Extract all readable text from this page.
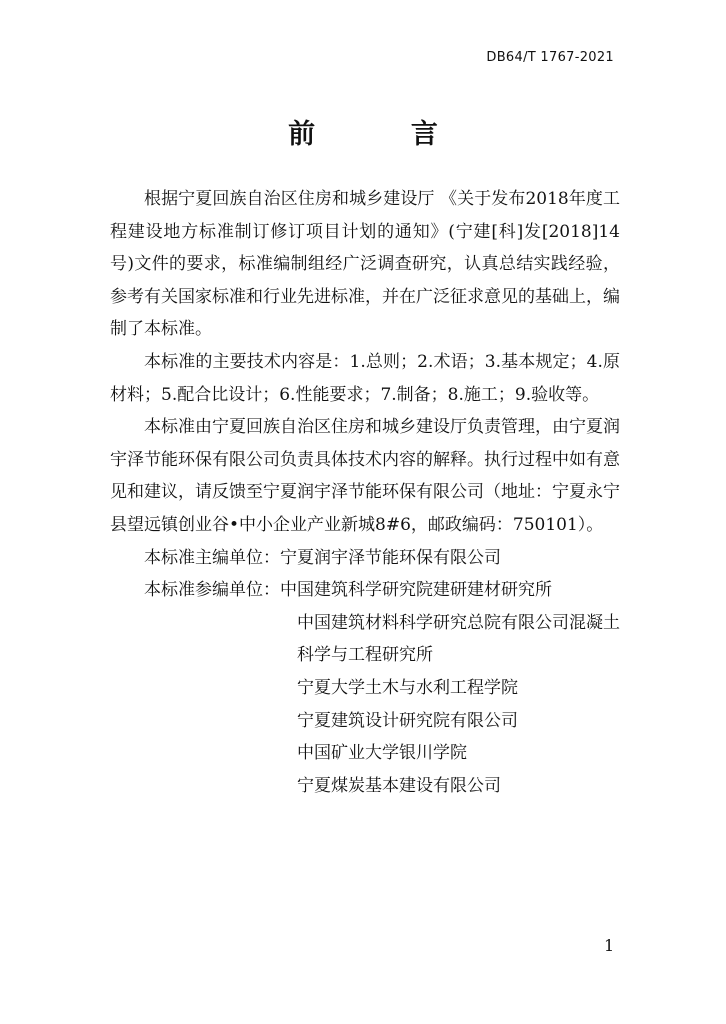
DB64/T 1767-2021
前 言

根据宁夏回族自治区住房和城乡建设厅 《关于发布2018年度工程建设地方标准制订修订项目计划的通知》(宁建[科]发[2018]14号)文件的要求，标准编制组经广泛调查研究，认真总结实践经验，参考有关国家标准和行业先进标准，并在广泛征求意见的基础上，编制了本标准。

本标准的主要技术内容是：1.总则；2.术语；3.基本规定；4.原材料；5.配合比设计；6.性能要求；7.制备；8.施工；9.验收等。

本标准由宁夏回族自治区住房和城乡建设厅负责管理，由宁夏润宇泽节能环保有限公司负责具体技术内容的解释。执行过程中如有意见和建议，请反馈至宁夏润宇泽节能环保有限公司（地址：宁夏永宁县望远镇创业谷•中小企业产业新城8#6，邮政编码：750101）。

本标准主编单位： 宁夏润宇泽节能环保有限公司
本标准参编单位： 中国建筑科学研究院建研建材研究所
中国建筑材料科学研究总院有限公司混凝土科学与工程研究所
宁夏大学土木与水利工程学院
宁夏建筑设计研究院有限公司
中国矿业大学银川学院
宁夏煤炭基本建设有限公司
1
